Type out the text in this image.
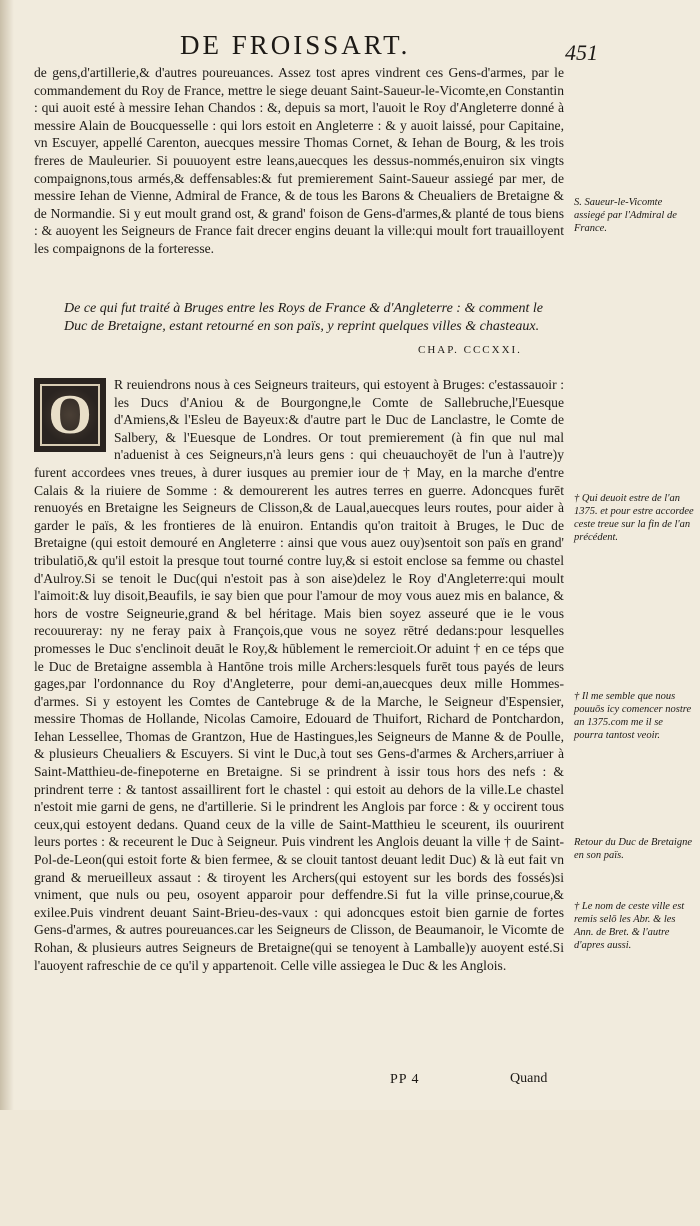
DE FROISSART.	451
de gens,d'artillerie,& d'autres poureuances. Assez tost apres vindrent ces Gens-d'armes, par le commandement du Roy de France, mettre le siege deuant Saint-Saueur-le-Vicomte,en Constantin : qui auoit esté à messire Iehan Chandos : &, depuis sa mort, l'auoit le Roy d'Angleterre donné à messire Alain de Boucquesselle : qui lors estoit en Angleterre : & y auoit laissé, pour Capitaine, vn Escuyer, appellé Carenton, auecques messire Thomas Cornet, & Iehan de Bourg, & les trois freres de Mauleurier. Si pouuoyent estre leans,auecques les dessus-nommés,enuiron six vingts compaignons,tous armés,& deffensables:& fut premierement Saint-Saueur assiegé par mer, de messire Iehan de Vienne, Admiral de France, & de tous les Barons & Cheualiers de Bretaigne & de Normandie. Si y eut moult grand ost, & grand' foison de Gens-d'armes,& planté de tous biens : & auoyent les Seigneurs de France fait drecer engins deuant la ville:qui moult fort trauailloyent les compaignons de la forteresse.
De ce qui fut traité à Bruges entre les Roys de France & d'Angleterre : & comment le Duc de Bretaigne, estant retourné en son païs, y reprint quelques villes & chasteaux.
CHAP. CCCXXI.
O R reuiendrons nous à ces Seigneurs traiteurs, qui estoyent à Bruges: c'estassauoir : les Ducs d'Aniou & de Bourgongne,le Comte de Sallebruche,l'Euesque d'Amiens,& l'Esleu de Bayeux:& d'autre part le Duc de Lanclastre, le Comte de Salbery, & l'Euesque de Londres. Or tout premierement (à fin que nul mal n'aduenist à ces Seigneurs,n'à leurs gens : qui cheuauchoyēt de l'un à l'autre)y furent accordees vnes treues, à durer iusques au premier iour de † May, en la marche d'entre Calais & la riuiere de Somme : & demourerent les autres terres en guerre. Adoncques furēt renuoyés en Bretaigne les Seigneurs de Clisson,& de Laual,auecques leurs routes, pour aider à garder le païs, & les frontieres de là enuiron. Entandis qu'on traitoit à Bruges, le Duc de Bretaigne (qui estoit demouré en Angleterre : ainsi que vous auez ouy)sentoit son païs en grand' tribulatiō,& qu'il estoit la presque tout tourné contre luy,& si estoit enclose sa femme ou chastel d'Aulroy.Si se tenoit le Duc(qui n'estoit pas à son aise)delez le Roy d'Angleterre:qui moult l'aimoit:& luy disoit,Beaufils, ie say bien que pour l'amour de moy vous auez mis en balance, & hors de vostre Seigneurie,grand & bel héritage. Mais bien soyez asseuré que ie le vous recouureray: ny ne feray paix à François,que vous ne soyez rētré dedans:pour lesquelles promesses le Duc s'enclinoit deuāt le Roy,& hūblement le remercioit.Or aduint † en ce téps que le Duc de Bretaigne assembla à Hantōne trois mille Archers:lesquels furēt tous payés de leurs gages,par l'ordonnance du Roy d'Angleterre, pour demi-an,auecques deux mille Hommes-d'armes. Si y estoyent les Comtes de Cantebruge & de la Marche, le Seigneur d'Espensier, messire Thomas de Hollande, Nicolas Camoire, Edouard de Thuifort, Richard de Pontchardon, Iehan Lessellee, Thomas de Grantzon, Hue de Hastingues,les Seigneurs de Manne & de Poulle, & plusieurs Cheualiers & Escuyers. Si vint le Duc,à tout ses Gens-d'armes & Archers,arriuer à Saint-Matthieu-de-finepoterne en Bretaigne. Si se prindrent à issir tous hors des nefs : & prindrent terre : & tantost assaillirent fort le chastel : qui estoit au dehors de la ville.Le chastel n'estoit mie garni de gens, ne d'artillerie. Si le prindrent les Anglois par force : & y occirent tous ceux,qui estoyent dedans. Quand ceux de la ville de Saint-Matthieu le sceurent, ils ouurirent leurs portes : & receurent le Duc à Seigneur. Puis vindrent les Anglois deuant la ville † de Saint-Pol-de-Leon(qui estoit forte & bien fermee, & se clouit tantost deuant ledit Duc) & là eut fait vn grand & merueilleux assaut : & tiroyent les Archers(qui estoyent sur les bords des fossés)si vniment, que nuls ou peu, osoyent apparoir pour deffendre.Si fut la ville prinse,courue,& exilee.Puis vindrent deuant Saint-Brieu-des-vaux : qui adoncques estoit bien garnie de fortes Gens-d'armes, & autres poureuances.car les Seigneurs de Clisson, de Beaumanoir, le Vicomte de Rohan, & plusieurs autres Seigneurs de Bretaigne(qui se tenoyent à Lamballe)y auoyent esté.Si l'auoyent rafreschie de ce qu'il y appartenoit. Celle ville assiegea le Duc & les Anglois.
S. Saueur-le-Vicomte assiegé par l'Admiral de France.
† Qui deuoit estre de l'an 1375. et pour estre accordee ceste treue sur la fin de l'an précédent.
† Il me semble que nous pouuōs icy comencer nostre an 1375.com me il se pourra tantost veoir.
Retour du Duc de Bretaigne en son païs.
† Le nom de ceste ville est remis selō les Abr. & les Ann. de Bret. & l'autre d'apres aussi.
PP 4	Quand
